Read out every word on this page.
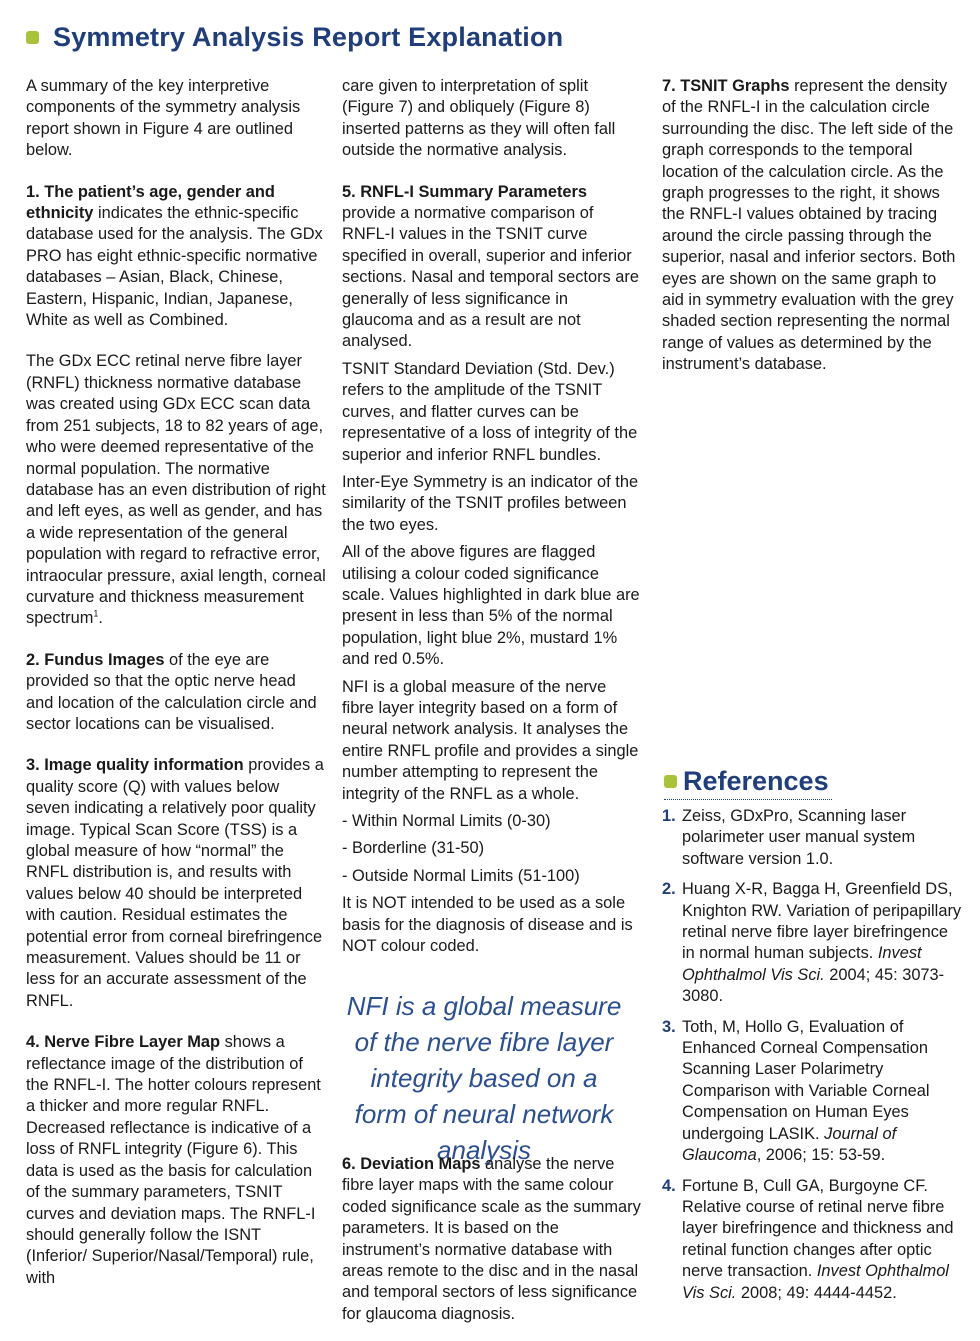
Symmetry Analysis Report Explanation

A summary of the key interpretive components of the symmetry analysis report shown in Figure 4 are outlined below.

1. The patient’s age, gender and ethnicity indicates the ethnic-specific database used for the analysis. The GDx PRO has eight ethnic-specific normative databases – Asian, Black, Chinese, Eastern, Hispanic, Indian, Japanese, White as well as Combined.

The GDx ECC retinal nerve fibre layer (RNFL) thickness normative database was created using GDx ECC scan data from 251 subjects, 18 to 82 years of age, who were deemed representative of the normal population. The normative database has an even distribution of right and left eyes, as well as gender, and has a wide representation of the general population with regard to refractive error, intraocular pressure, axial length, corneal curvature and thickness measurement spectrum$^1$.

2. Fundus Images of the eye are provided so that the optic nerve head and location of the calculation circle and sector locations can be visualised.

3. Image quality information provides a quality score (Q) with values below seven indicating a relatively poor quality image. Typical Scan Score (TSS) is a global measure of how “normal” the RNFL distribution is, and results with values below 40 should be interpreted with caution. Residual estimates the potential error from corneal birefringence measurement. Values should be 11 or less for an accurate assessment of the RNFL.

4. Nerve Fibre Layer Map shows a reflectance image of the distribution of the RNFL-I. The hotter colours represent a thicker and more regular RNFL. Decreased reflectance is indicative of a loss of RNFL integrity (Figure 6). This data is used as the basis for calculation of the summary parameters, TSNIT curves and deviation maps. The RNFL-I should generally follow the ISNT (Inferior/ Superior/Nasal/Temporal) rule, with

care given to interpretation of split (Figure 7) and obliquely (Figure 8) inserted patterns as they will often fall outside the normative analysis.

5. RNFL-I Summary Parameters provide a normative comparison of RNFL-I values in the TSNIT curve specified in overall, superior and inferior sections. Nasal and temporal sectors are generally of less significance in glaucoma and as a result are not analysed.

TSNIT Standard Deviation (Std. Dev.) refers to the amplitude of the TSNIT curves, and flatter curves can be representative of a loss of integrity of the superior and inferior RNFL bundles.

Inter-Eye Symmetry is an indicator of the similarity of the TSNIT profiles between the two eyes.

All of the above figures are flagged utilising a colour coded significance scale. Values highlighted in dark blue are present in less than 5% of the normal population, light blue 2%, mustard 1% and red 0.5%.

NFI is a global measure of the nerve fibre layer integrity based on a form of neural network analysis. It analyses the entire RNFL profile and provides a single number attempting to represent the integrity of the RNFL as a whole.

- Within Normal Limits (0-30)

- Borderline (31-50)

- Outside Normal Limits (51-100)

It is NOT intended to be used as a sole basis for the diagnosis of disease and is NOT colour coded.

NFI is a global measure of the nerve fibre layer integrity based on a form of neural network analysis

6. Deviation Maps analyse the nerve fibre layer maps with the same colour coded significance scale as the summary parameters. It is based on the instrument’s normative database with areas remote to the disc and in the nasal and temporal sectors of less significance for glaucoma diagnosis.

7. TSNIT Graphs represent the density of the RNFL-I in the calculation circle surrounding the disc. The left side of the graph corresponds to the temporal location of the calculation circle. As the graph progresses to the right, it shows the RNFL-I values obtained by tracing around the circle passing through the superior, nasal and inferior sectors. Both eyes are shown on the same graph to aid in symmetry evaluation with the grey shaded section representing the normal range of values as determined by the instrument’s database.

References
1. Zeiss, GDxPro, Scanning laser polarimeter user manual system software version 1.0.
2. Huang X-R, Bagga H, Greenfield DS, Knighton RW. Variation of peripapillary retinal nerve fibre layer birefringence in normal human subjects. Invest Ophthalmol Vis Sci. 2004; 45: 3073-3080.
3. Toth, M, Hollo G, Evaluation of Enhanced Corneal Compensation Scanning Laser Polarimetry Comparison with Variable Corneal Compensation on Human Eyes undergoing LASIK. Journal of Glaucoma, 2006; 15: 53-59.
4. Fortune B, Cull GA, Burgoyne CF. Relative course of retinal nerve fibre layer birefringence and thickness and retinal function changes after optic nerve transaction. Invest Ophthalmol Vis Sci. 2008; 49: 4444-4452.
